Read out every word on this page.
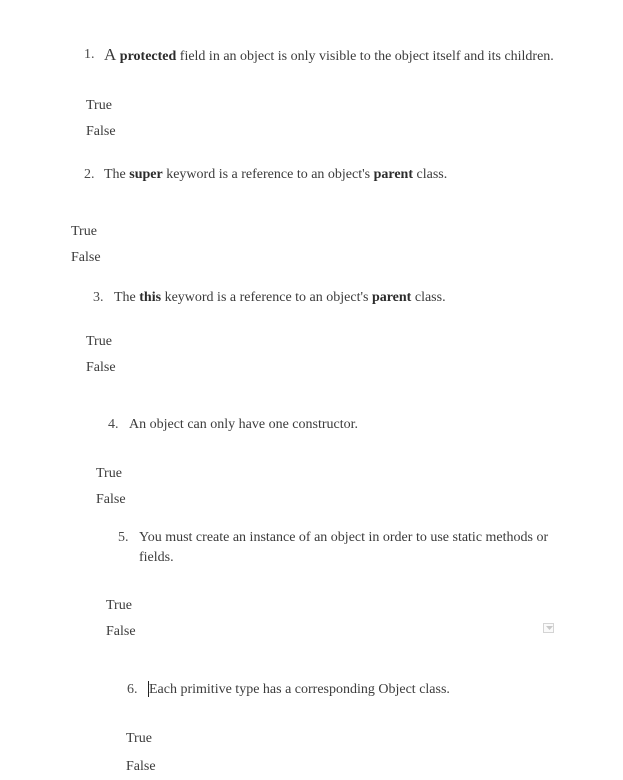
1. A protected field in an object is only visible to the object itself and its children.
True
False
2. The super keyword is a reference to an object's parent class.
True
False
3. The this keyword is a reference to an object's parent class.
True
False
4. An object can only have one constructor.
True
False
5. You must create an instance of an object in order to use static methods or
fields.
True
False
6. Each primitive type has a corresponding Object class.
True
False
